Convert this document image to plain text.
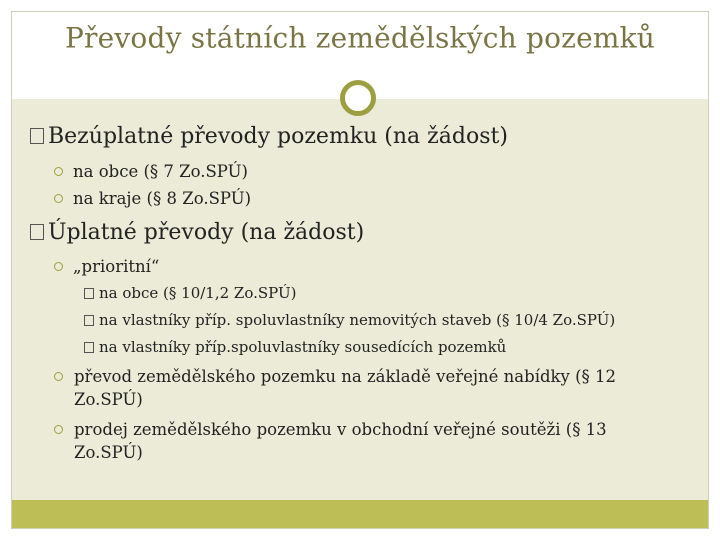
Převody státních zemědělských pozemků
Bezúplatné převody pozemku (na žádost)
na obce (§ 7 Zo.SPÚ)
na kraje (§ 8 Zo.SPÚ)
Úplatné převody (na žádost)
„prioritní“
na obce (§ 10/1,2 Zo.SPÚ)
na vlastníky příp. spoluvlastníky nemovitých staveb (§ 10/4 Zo.SPÚ)
na vlastníky příp.spoluvlastníky sousedících pozemků
převod zemědělského pozemku na základě veřejné nabídky (§ 12 Zo.SPÚ)
prodej zemědělského pozemku v obchodní veřejné soutěži (§ 13 Zo.SPÚ)
